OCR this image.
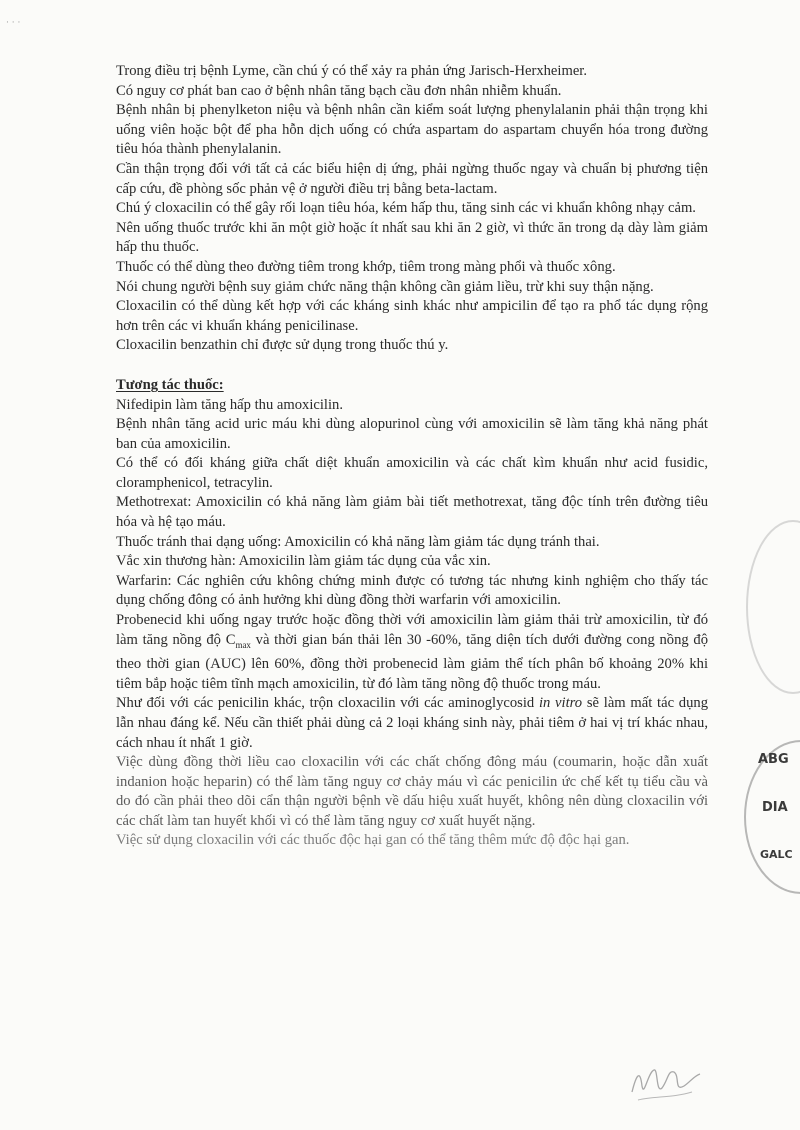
· · ·

Trong điều trị bệnh Lyme, cần chú ý có thể xảy ra phản ứng Jarisch-Herxheimer.

Có nguy cơ phát ban cao ở bệnh nhân tăng bạch cầu đơn nhân nhiễm khuẩn.

Bệnh nhân bị phenylketon niệu và bệnh nhân cần kiểm soát lượng phenylalanin phải thận trọng khi uống viên hoặc bột để pha hỗn dịch uống có chứa aspartam do aspartam chuyển hóa trong đường tiêu hóa thành phenylalanin.

Cần thận trọng đối với tất cả các biểu hiện dị ứng, phải ngừng thuốc ngay và chuẩn bị phương tiện cấp cứu, đề phòng sốc phản vệ ở người điều trị bằng beta-lactam.

Chú ý cloxacilin có thể gây rối loạn tiêu hóa, kém hấp thu, tăng sinh các vi khuẩn không nhạy cảm.

Nên uống thuốc trước khi ăn một giờ hoặc ít nhất sau khi ăn 2 giờ, vì thức ăn trong dạ dày làm giảm hấp thu thuốc.

Thuốc có thể dùng theo đường tiêm trong khớp, tiêm trong màng phổi và thuốc xông.

Nói chung người bệnh suy giảm chức năng thận không cần giảm liều, trừ khi suy thận nặng.

Cloxacilin có thể dùng kết hợp với các kháng sinh khác như ampicilin để tạo ra phổ tác dụng rộng hơn trên các vi khuẩn kháng penicilinase.

Cloxacilin benzathin chỉ được sử dụng trong thuốc thú y.

Tương tác thuốc:

Nifedipin làm tăng hấp thu amoxicilin.

Bệnh nhân tăng acid uric máu khi dùng alopurinol cùng với amoxicilin sẽ làm tăng khả năng phát ban của amoxicilin.

Có thể có đối kháng giữa chất diệt khuẩn amoxicilin và các chất kìm khuẩn như acid fusidic, cloramphenicol, tetracylin.

Methotrexat: Amoxicilin có khả năng làm giảm bài tiết methotrexat, tăng độc tính trên đường tiêu hóa và hệ tạo máu.

Thuốc tránh thai dạng uống: Amoxicilin có khả năng làm giảm tác dụng tránh thai.

Vắc xin thương hàn: Amoxicilin làm giảm tác dụng của vắc xin.

Warfarin: Các nghiên cứu không chứng minh được có tương tác nhưng kinh nghiệm cho thấy tác dụng chống đông có ảnh hưởng khi dùng đồng thời warfarin với amoxicilin.

Probenecid khi uống ngay trước hoặc đồng thời với amoxicilin làm giảm thải trừ amoxicilin, từ đó làm tăng nồng độ $C_{max}$ và thời gian bán thải lên 30 -60%, tăng diện tích dưới đường cong nồng độ theo thời gian (AUC) lên 60%, đồng thời probenecid làm giảm thể tích phân bố khoảng 20% khi tiêm bắp hoặc tiêm tĩnh mạch amoxicilin, từ đó làm tăng nồng độ thuốc trong máu.

Như đối với các penicilin khác, trộn cloxacilin với các aminoglycosid in vitro sẽ làm mất tác dụng lẫn nhau đáng kể. Nếu cần thiết phải dùng cả 2 loại kháng sinh này, phải tiêm ở hai vị trí khác nhau, cách nhau ít nhất 1 giờ.

Việc dùng đồng thời liều cao cloxacilin với các chất chống đông máu (coumarin, hoặc dẫn xuất indanion hoặc heparin) có thể làm tăng nguy cơ chảy máu vì các penicilin ức chế kết tụ tiểu cầu và do đó cần phải theo dõi cẩn thận người bệnh về dấu hiệu xuất huyết, không nên dùng cloxacilin với các chất làm tan huyết khối vì có thể làm tăng nguy cơ xuất huyết nặng.

Việc sử dụng cloxacilin với các thuốc độc hại gan có thể tăng thêm mức độ độc hại gan.

ABG
DIA
GALC
